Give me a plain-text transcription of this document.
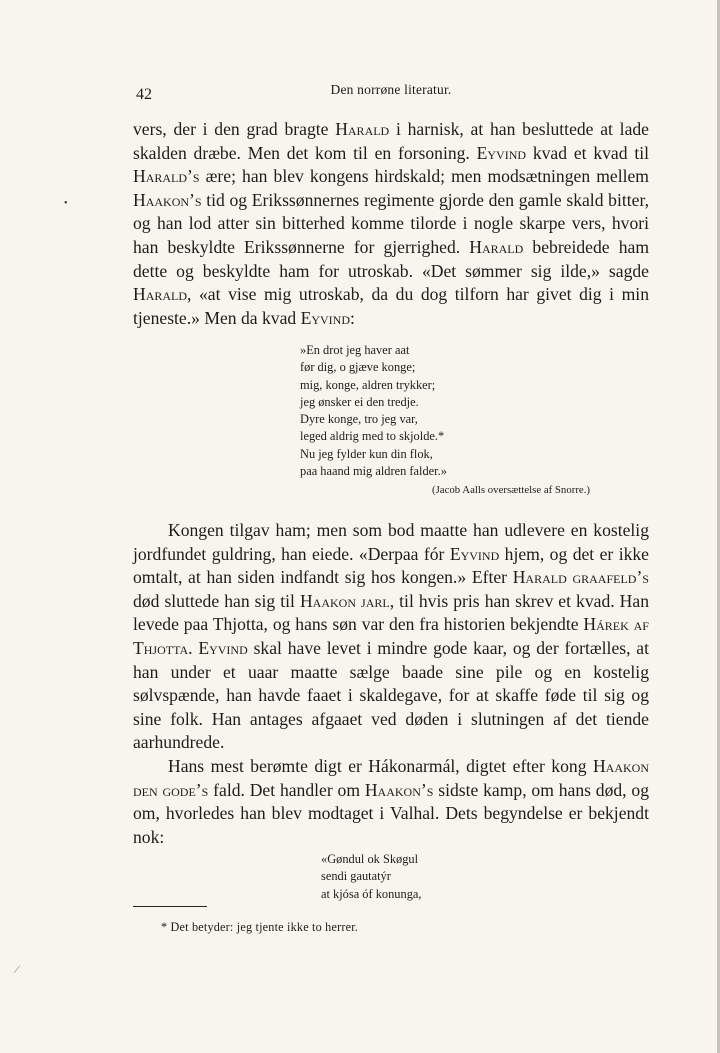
42	Den norrøne literatur.

vers, der i den grad bragte Harald i harnisk, at han besluttede at lade skalden dræbe. Men det kom til en forsoning. Eyvind kvad et kvad til Harald’s ære; han blev kongens hirdskald; men modsætningen mellem Haakon’s tid og Erikssønnernes regimente gjorde den gamle skald bitter, og han lod atter sin bitterhed komme tilorde i nogle skarpe vers, hvori han beskyldte Erikssønnerne for gjerrighed. Harald bebreidede ham dette og beskyldte ham for utroskab. «Det sømmer sig ilde,» sagde Harald, «at vise mig utroskab, da du dog tilforn har givet dig i min tjeneste.» Men da kvad Eyvind:

»En drot jeg haver aat
før dig, o gjæve konge;
mig, konge, aldren trykker;
jeg ønsker ei den tredje.
Dyre konge, tro jeg var,
leged aldrig med to skjolde.*
Nu jeg fylder kun din flok,
paa haand mig aldren falder.»
(Jacob Aalls oversættelse af Snorre.)

Kongen tilgav ham; men som bod maatte han udlevere en kostelig jordfundet guldring, han eiede. «Derpaa fór Eyvind hjem, og det er ikke omtalt, at han siden indfandt sig hos kongen.» Efter Harald graafeld’s død sluttede han sig til Haakon jarl, til hvis pris han skrev et kvad. Han levede paa Thjotta, og hans søn var den fra historien bekjendte Hárek af Thjotta. Eyvind skal have levet i mindre gode kaar, og der fortælles, at han under et uaar maatte sælge baade sine pile og en kostelig sølvspænde, han havde faaet i skaldegave, for at skaffe føde til sig og sine folk. Han antages afgaaet ved døden i slutningen af det tiende aarhundrede.

Hans mest berømte digt er Hákonarmál, digtet efter kong Haakon den gode’s fald. Det handler om Haakon’s sidste kamp, om hans død, og om, hvorledes han blev modtaget i Valhal. Dets begyndelse er bekjendt nok:

«Gøndul ok Skøgul
sendi gautatýr
at kjósa óf konunga,
* Det betyder: jeg tjente ikke to herrer.
•
⁄
